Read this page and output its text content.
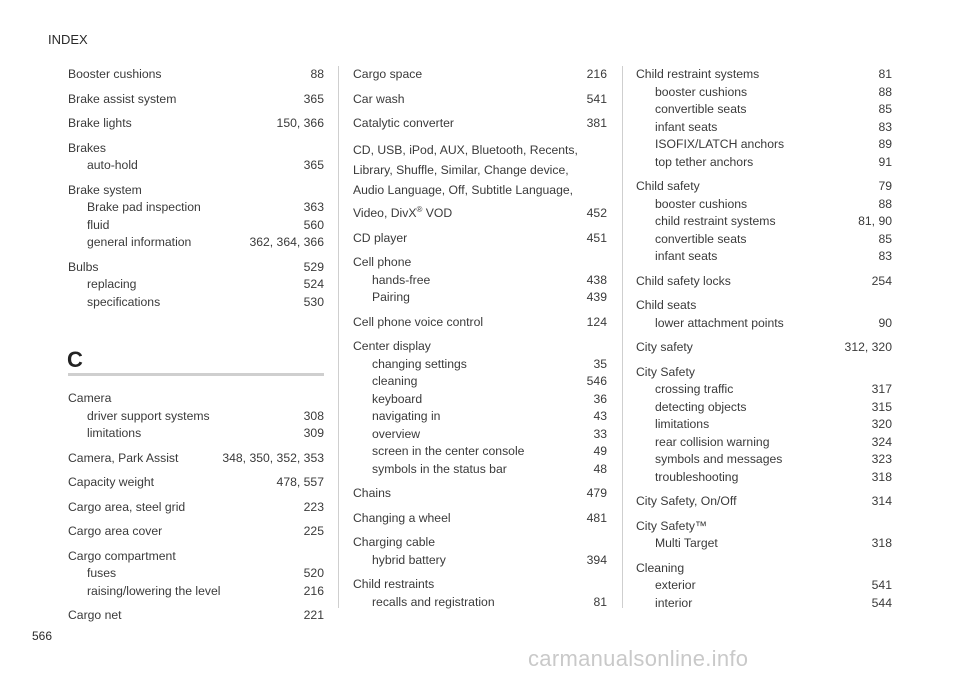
INDEX
Booster cushions	88
Brake assist system	365
Brake lights	150, 366
Brakes
auto-hold	365
Brake system
Brake pad inspection	363
fluid	560
general information	362, 364, 366
Bulbs	529
replacing	524
specifications	530
C
Camera
driver support systems	308
limitations	309
Camera, Park Assist	348, 350, 352, 353
Capacity weight	478, 557
Cargo area, steel grid	223
Cargo area cover	225
Cargo compartment
fuses	520
raising/lowering the level	216
Cargo net	221
Cargo space	216
Car wash	541
Catalytic converter	381
CD, USB, iPod, AUX, Bluetooth, Recents, Library, Shuffle, Similar, Change device, Audio Language, Off, Subtitle Language, Video, DivX® VOD	452
CD player	451
Cell phone
hands-free	438
Pairing	439
Cell phone voice control	124
Center display
changing settings	35
cleaning	546
keyboard	36
navigating in	43
overview	33
screen in the center console	49
symbols in the status bar	48
Chains	479
Changing a wheel	481
Charging cable
hybrid battery	394
Child restraints
recalls and registration	81
Child restraint systems	81
booster cushions	88
convertible seats	85
infant seats	83
ISOFIX/LATCH anchors	89
top tether anchors	91
Child safety	79
booster cushions	88
child restraint systems	81, 90
convertible seats	85
infant seats	83
Child safety locks	254
Child seats
lower attachment points	90
City safety	312, 320
City Safety
crossing traffic	317
detecting objects	315
limitations	320
rear collision warning	324
symbols and messages	323
troubleshooting	318
City Safety, On/Off	314
City Safety™
Multi Target	318
Cleaning
exterior	541
interior	544
566
carmanualsonline.info
